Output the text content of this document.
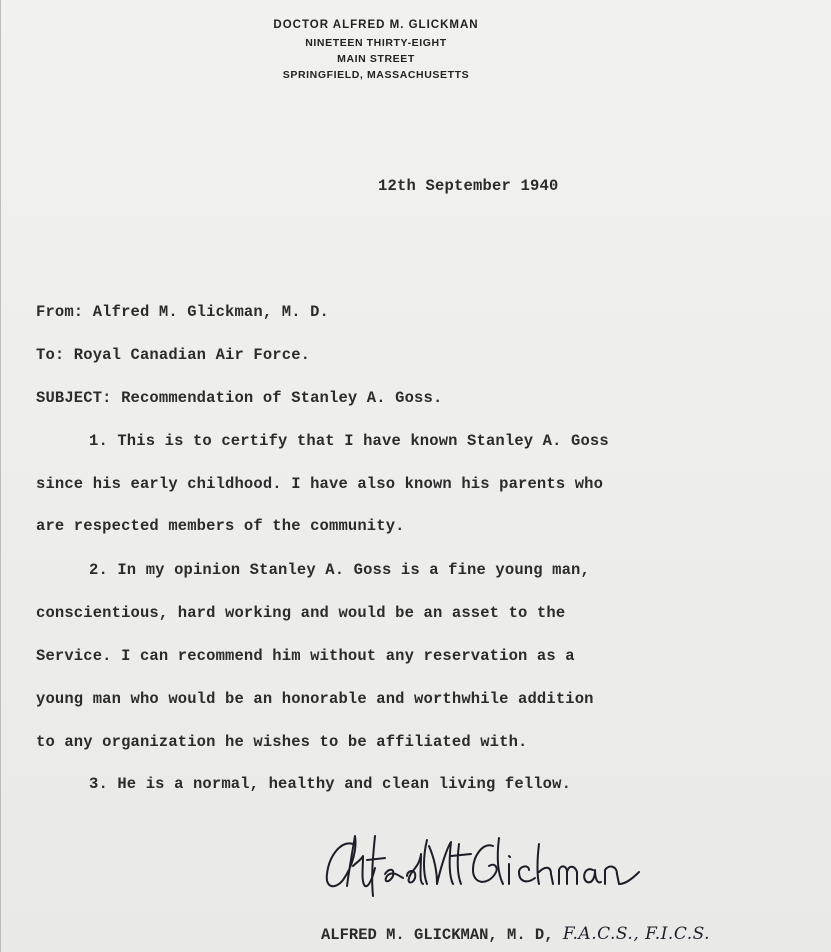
DOCTOR ALFRED M. GLICKMAN

NINETEEN THIRTY-EIGHT

MAIN STREET

SPRINGFIELD, MASSACHUSETTS

12th September 1940
From: Alfred M. Glickman, M. D.
To: Royal Canadian Air Force.
SUBJECT: Recommendation of Stanley A. Goss.
1. This is to certify that I have known Stanley A. Goss
since his early childhood. I have also known his parents who
are respected members of the community.
2. In my opinion Stanley A. Goss is a fine young man,
conscientious, hard working and would be an asset to the
Service. I can recommend him without any reservation as a
young man who would be an honorable and worthwhile addition
to any organization he wishes to be affiliated with.
3. He is a normal, healthy and clean living fellow.
ALFRED M. GLICKMAN, M. D, F.A.C.S., F.I.C.S.
